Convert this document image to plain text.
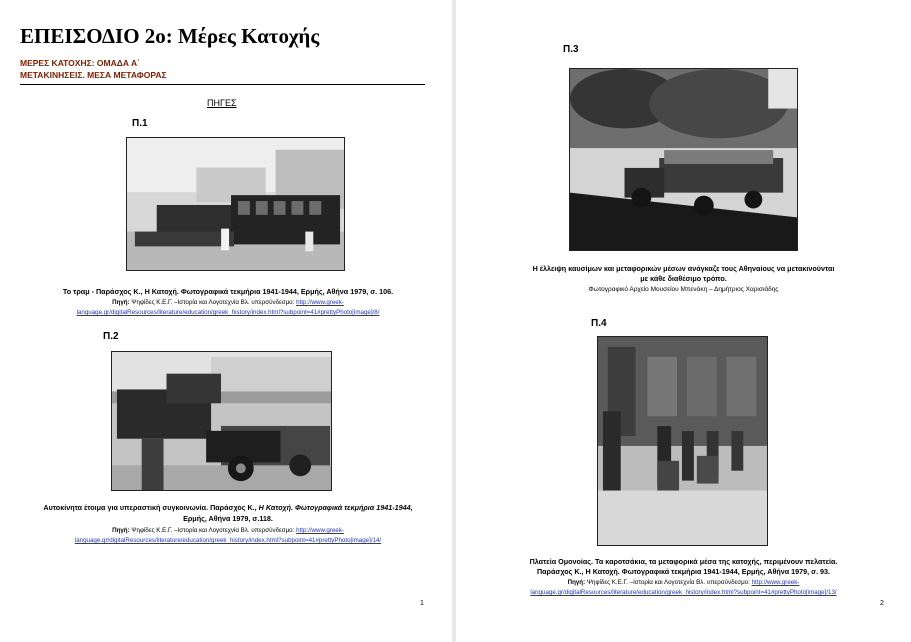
ΕΠΕΙΣΟΔΙΟ 2ο: Μέρες Κατοχής
ΜΕΡΕΣ ΚΑΤΟΧΗΣ: ΟΜΑΔΑ Α΄
ΜΕΤΑΚΙΝΗΣΕΙΣ. ΜΕΣΑ ΜΕΤΑΦΟΡΑΣ
ΠΗΓΕΣ
Π.1
Το τραμ - Παράσχος Κ., Η Κατοχή. Φωτογραφικά τεκμήρια 1941-1944, Ερμής, Αθήνα 1979, σ. 106.
Πηγή: Ψηφίδες Κ.Ε.Γ. –Ιστορία και Λογοτεχνία Βλ. υπερσύνδεσμο: http://www.greek-
language.gr/digitalResources/literature/education/greek_history/index.html?subpoint=41#prettyPhoto[image]/8/
Π.2
Αυτοκίνητα έτοιμα για υπεραστική συγκοινωνία. Παράσχος Κ., Η Κατοχή. Φωτογραφικά τεκμήρια 1941-1944,
Ερμής, Αθήνα 1979, σ.118.
Πηγή: Ψηφίδες Κ.Ε.Γ. –Ιστορία και Λογοτεχνία Βλ. υπερσύνδεσμο: http://www.greek-
language.gr/digitalResources/literature/education/greek_history/index.html?subpoint=41#prettyPhoto[image]/14/
1
Π.3
Η έλλειψη καυσίμων και μεταφορικών μέσων ανάγκαζε τους Αθηναίους να μετακινούνται
με κάθε διαθέσιμο τρόπο.
Φωτογραφικό Αρχείο Μουσείου Μπενάκη – Δημήτριος Χαρισιάδης
Π.4
Πλατεία Ομονοίας. Τα καροτσάκια, τα μεταφορικά μέσα της κατοχής, περιμένουν πελατεία.
Παράσχος Κ., Η Κατοχή. Φωτογραφικά τεκμήρια 1941-1944, Ερμής, Αθήνα 1979, σ. 93.
Πηγή: Ψηφίδες Κ.Ε.Γ. –Ιστορία και Λογοτεχνία Βλ. υπερσύνδεσμο: http://www.greek-
language.gr/digitalResources/literature/education/greek_history/index.html?subpoint=41#prettyPhoto[image]/13/
2
